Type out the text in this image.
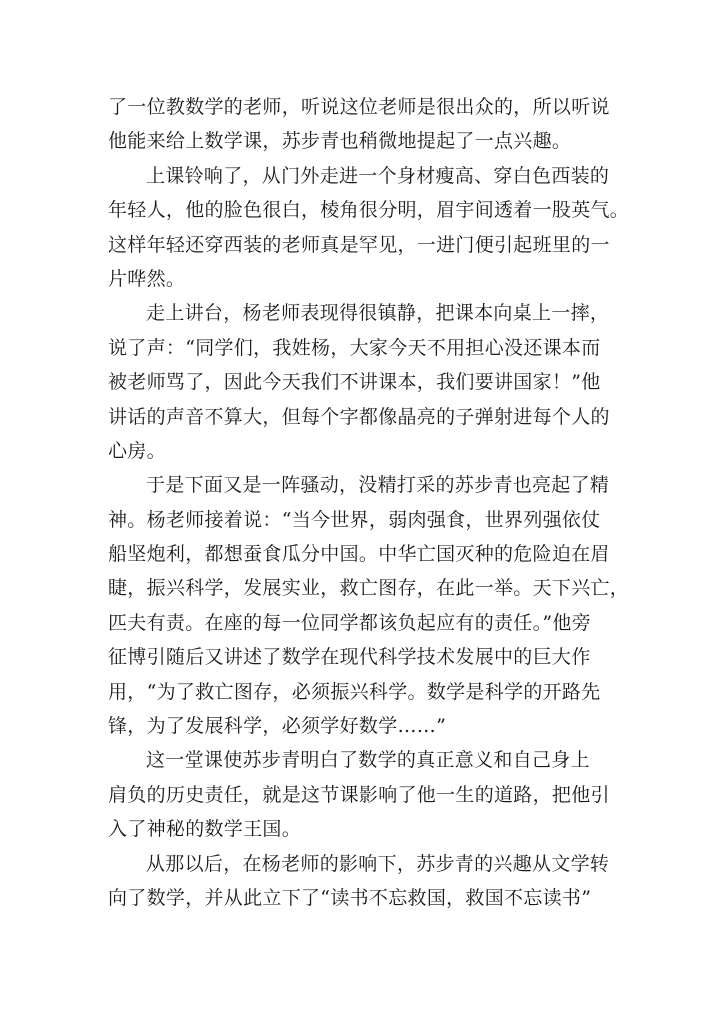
了一位教数学的老师，听说这位老师是很出众的，所以听说
他能来给上数学课，苏步青也稍微地提起了一点兴趣。
上课铃响了，从门外走进一个身材瘦高、穿白色西装的
年轻人，他的脸色很白，棱角很分明，眉宇间透着一股英气。
这样年轻还穿西装的老师真是罕见，一进门便引起班里的一
片哗然。
走上讲台，杨老师表现得很镇静，把课本向桌上一摔，
说了声：“同学们，我姓杨，大家今天不用担心没还课本而
被老师骂了，因此今天我们不讲课本，我们要讲国家！”他
讲话的声音不算大，但每个字都像晶亮的子弹射进每个人的
心房。
于是下面又是一阵骚动，没精打采的苏步青也亮起了精
神。杨老师接着说：“当今世界，弱肉强食，世界列强依仗
船坚炮利，都想蚕食瓜分中国。中华亡国灭种的危险迫在眉
睫，振兴科学，发展实业，救亡图存，在此一举。天下兴亡，
匹夫有责。在座的每一位同学都该负起应有的责任。”他旁
征博引随后又讲述了数学在现代科学技术发展中的巨大作
用，“为了救亡图存，必须振兴科学。数学是科学的开路先
锋，为了发展科学，必须学好数学……”
这一堂课使苏步青明白了数学的真正意义和自己身上
肩负的历史责任，就是这节课影响了他一生的道路，把他引
入了神秘的数学王国。
从那以后，在杨老师的影响下，苏步青的兴趣从文学转
向了数学，并从此立下了“读书不忘救国，救国不忘读书”
